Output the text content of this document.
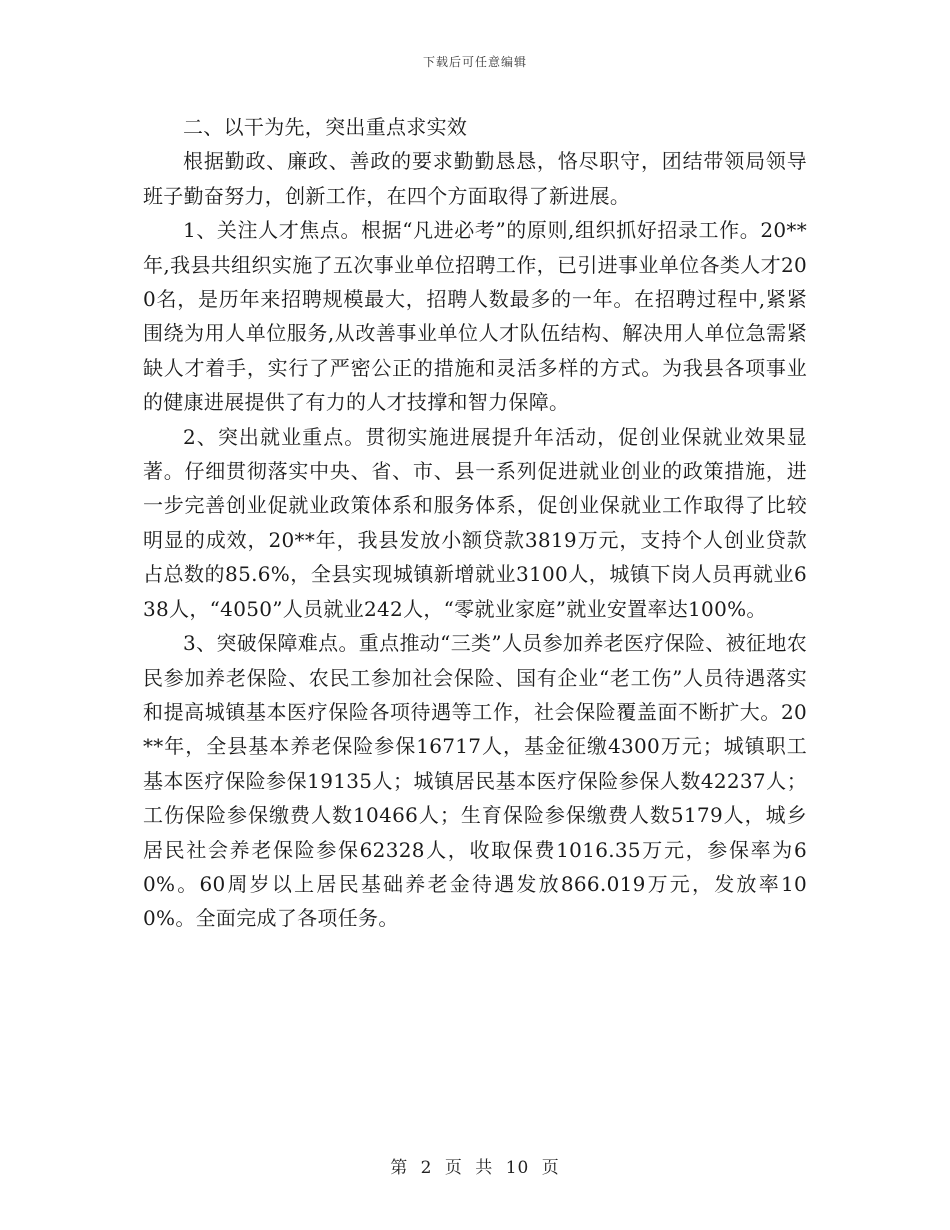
下载后可任意编辑

二、以干为先，突出重点求实效

根据勤政、廉政、善政的要求勤勤恳恳，恪尽职守，团结带领局领导班子勤奋努力，创新工作，在四个方面取得了新进展。

1、关注人才焦点。根据“凡进必考”的原则,组织抓好招录工作。20**年,我县共组织实施了五次事业单位招聘工作，已引进事业单位各类人才200名，是历年来招聘规模最大，招聘人数最多的一年。在招聘过程中,紧紧围绕为用人单位服务,从改善事业单位人才队伍结构、解决用人单位急需紧缺人才着手，实行了严密公正的措施和灵活多样的方式。为我县各项事业的健康进展提供了有力的人才技撑和智力保障。

2、突出就业重点。贯彻实施进展提升年活动，促创业保就业效果显著。仔细贯彻落实中央、省、市、县一系列促进就业创业的政策措施，进一步完善创业促就业政策体系和服务体系，促创业保就业工作取得了比较明显的成效，20**年，我县发放小额贷款3819万元，支持个人创业贷款占总数的85.6%，全县实现城镇新增就业3100人，城镇下岗人员再就业638人，“4050”人员就业242人，“零就业家庭”就业安置率达100%。

3、突破保障难点。重点推动“三类”人员参加养老医疗保险、被征地农民参加养老保险、农民工参加社会保险、国有企业“老工伤”人员待遇落实和提高城镇基本医疗保险各项待遇等工作，社会保险覆盖面不断扩大。20**年，全县基本养老保险参保16717人，基金征缴4300万元；城镇职工基本医疗保险参保19135人；城镇居民基本医疗保险参保人数42237人；工伤保险参保缴费人数10466人；生育保险参保缴费人数5179人，城乡居民社会养老保险参保62328人，收取保费1016.35万元，参保率为60%。60周岁以上居民基础养老金待遇发放866.019万元，发放率100%。全面完成了各项任务。

第 2 页 共 10 页
